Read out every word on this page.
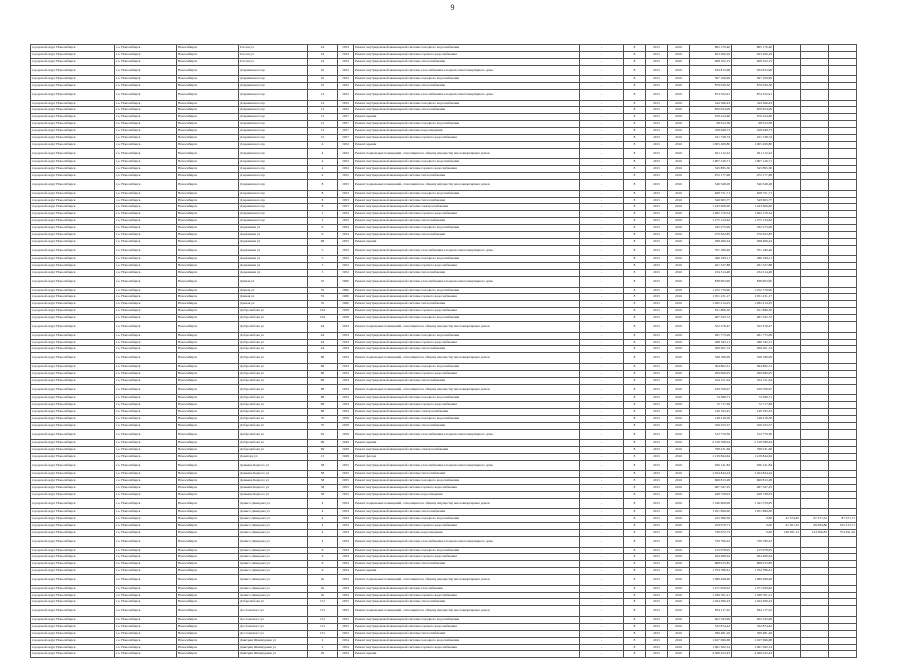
9
городской округ Новосибирск	г.о. Новосибирск	Новосибирск	Гоголя ул	24	1954	Ремонт внутридомовой инженерной системы холодного водоснабжения	-	8	2015	2016	895 170,40	895 170,40			
городской округ Новосибирск	г.о. Новосибирск	Новосибирск	Гоголя ул	24	1954	Ремонт внутридомовой инженерной системы горячего водоснабжения	-	8	2015	2016	623 260,29	623 260,29			
городской округ Новосибирск	г.о. Новосибирск	Новосибирск	Гоголя ул	24	1954	Ремонт внутридомовой инженерной системы теплоснабжения	-	8	2015	2016	408 102,15	408 102,15			
городской округ Новосибирск	г.о. Новосибирск	Новосибирск	Дзержинского пр	10	1952	Ремонт внутридомовой инженерной системы газоснабжения и подвала многоквартирного дома	-	8	2015	2016	934 815,98	934 815,98			
городской округ Новосибирск	г.о. Новосибирск	Новосибирск	Дзержинского пр	10	1952	Ремонт внутридомовой инженерной системы холодного водоснабжения	-	8	2015	2016	567 109,99	567 109,99			
городской округ Новосибирск	г.о. Новосибирск	Новосибирск	Дзержинского пр	10	1952	Ремонт внутридомовой инженерной системы теплоснабжения	-	8	2015	2016	879 036,30	879 036,30			
городской округ Новосибирск	г.о. Новосибирск	Новосибирск	Дзержинского пр	12	1952	Ремонт внутридомовой инженерной системы газоснабжения и подвала многоквартирного дома	-	8	2015	2016	874 552,91	874 552,91			
городской округ Новосибирск	г.о. Новосибирск	Новосибирск	Дзержинского пр	12	1952	Ремонт внутридомовой инженерной системы холодного водоснабжения	-	8	2015	2016	544 566,43	544 566,43			
городской округ Новосибирск	г.о. Новосибирск	Новосибирск	Дзержинского пр	12	1952	Ремонт внутридомовой инженерной системы теплоснабжения	-	8	2015	2016	850 954,09	850 954,09			
городской округ Новосибирск	г.о. Новосибирск	Новосибирск	Дзержинского пр	15	1957	Ремонт крыши	-	8	2015	2016	679 224,60	679 224,60			
городской округ Новосибирск	г.о. Новосибирск	Новосибирск	Дзержинского пр	15	1957	Ремонт внутридомовой инженерной системы холодного водоснабжения	-	8	2015	2016	98 612,58	98 612,58			
городской округ Новосибирск	г.о. Новосибирск	Новосибирск	Дзержинского пр	15	1957	Ремонт внутридомовой инженерной системы водоотведения	-	8	2015	2016	168 648,73	168 648,73			
городской округ Новосибирск	г.о. Новосибирск	Новосибирск	Дзержинского пр	15	1957	Ремонт внутридомовой инженерной системы горячего водоснабжения	-	8	2015	2016	161 728,74	161 728,74			
городской округ Новосибирск	г.о. Новосибирск	Новосибирск	Дзержинского пр	4	1952	Ремонт крыши	-	8	2015	2016	1 005 269,80	1 005 269,80			
городской округ Новосибирск	г.о. Новосибирск	Новосибирск	Дзержинского пр	4	1952	Ремонт подвальных помещений, относящихся к общему имуществу многоквартирных домов	-	8	2015	2016	921 112,22	921 112,22			
городской округ Новосибирск	г.о. Новосибирск	Новосибирск	Дзержинского пр	4	1952	Ремонт внутридомовой инженерной системы холодного водоснабжения	-	8	2015	2016	1 007 126,71	1 007 126,71			
городской округ Новосибирск	г.о. Новосибирск	Новосибирск	Дзержинского пр	4	1952	Ремонт внутридомовой инженерной системы горячего водоснабжения	-	8	2015	2016	545 895,30	545 895,30			
городской округ Новосибирск	г.о. Новосибирск	Новосибирск	Дзержинского пр	4	1952	Ремонт внутридомовой инженерной системы теплоснабжения	-	8	2015	2016	972 177,98	972 177,98			
городской округ Новосибирск	г.о. Новосибирск	Новосибирск	Дзержинского пр	8	1953	Ремонт подвальных помещений, относящихся к общему имуществу многоквартирных домов	-	8	2015	2016	546 548,28	546 548,28			
городской округ Новосибирск	г.о. Новосибирск	Новосибирск	Дзержинского пр	8	1953	Ремонт внутридомовой инженерной системы холодного водоснабжения	-	8	2015	2016	408 751,71	408 751,71			
городской округ Новосибирск	г.о. Новосибирск	Новосибирск	Дзержинского пр	8	1953	Ремонт внутридомовой инженерной системы теплоснабжения	-	8	2015	2016	549 663,77	549 663,77			
городской округ Новосибирск	г.о. Новосибирск	Новосибирск	Дзержинского пр	8	1953	Ремонт внутридомовой инженерной системы электроснабжения	-	8	2015	2016	1 243 606,00	1 243 606,00			
городской округ Новосибирск	г.о. Новосибирск	Новосибирск	Дзержинского пр	1	1954	Ремонт внутридомовой инженерной системы горячего водоснабжения	-	8	2015	2016	1 062 176,54	1 062 176,54			
городской округ Новосибирск	г.о. Новосибирск	Новосибирск	Дзержинского пр	2	1952	Ремонт внутридомовой инженерной системы теплоснабжения	-	8	2015	2016	1 275 134,62	1 275 134,62			
городской округ Новосибирск	г.о. Новосибирск	Новосибирск	Державина ул	9	1954	Ремонт внутридомовой инженерной системы холодного водоснабжения	-	8	2015	2016	182 275,09	182 275,09			
городской округ Новосибирск	г.о. Новосибирск	Новосибирск	Державина ул	9	1954	Ремонт внутридомовой инженерной системы теплоснабжения	-	8	2015	2016	270 622,85	270 622,85			
городской округ Новосибирск	г.о. Новосибирск	Новосибирск	Державина ул	98	1955	Ремонт крыши	-	8	2015	2016	298 466,24	298 466,24			
городской округ Новосибирск	г.о. Новосибирск	Новосибирск	Державина ул	5	1952	Ремонт внутридомовой инженерной системы газоснабжения и подвала многоквартирного дома	-	8	2015	2016	701 180,46	701 180,46			
городской округ Новосибирск	г.о. Новосибирск	Новосибирск	Державина ул	5	1952	Ремонт внутридомовой инженерной системы холодного водоснабжения	-	8	2015	2016	266 199,11	266 199,11			
городской округ Новосибирск	г.о. Новосибирск	Новосибирск	Державина ул	5	1952	Ремонт внутридомовой инженерной системы горячего водоснабжения	-	8	2015	2016	261 327,88	261 327,88			
городской округ Новосибирск	г.о. Новосибирск	Новосибирск	Державина ул	5	1952	Ремонт внутридомовой инженерной системы теплоснабжения	-	8	2015	2016	234 314,48	234 314,48			
городской округ Новосибирск	г.о. Новосибирск	Новосибирск	Дачная ул	35	1960	Ремонт внутридомовой инженерной системы газоснабжения и подвала многоквартирного дома	-	8	2015	2016	838 903,90	838 903,90			
городской округ Новосибирск	г.о. Новосибирск	Новосибирск	Дачная ул	35	1960	Ремонт внутридомовой инженерной системы холодного водоснабжения	-	8	2015	2016	1 252 779,90	1 252 779,90			
городской округ Новосибирск	г.о. Новосибирск	Новосибирск	Дачная ул	35	1960	Ремонт внутридомовой инженерной системы горячего водоснабжения	-	8	2015	2016	1 051 231,17	1 051 231,17			
городской округ Новосибирск	г.о. Новосибирск	Новосибирск	Дачная ул	35	1960	Ремонт внутридомовой инженерной системы теплоснабжения	-	8	2015	2016	1 282 214,25	1 282 214,25			
городской округ Новосибирск	г.о. Новосибирск	Новосибирск	Добролюбова ул	104	1958	Ремонт внутридомовой инженерной системы горячего водоснабжения	-	8	2015	2016	811 896,30	811 896,30			
городской округ Новосибирск	г.о. Новосибирск	Новосибирск	Добролюбова ул	104	1958	Ремонт внутридомовой инженерной системы холодного водоснабжения	-	8	2015	2016	487 345,72	487 345,72			
городской округ Новосибирск	г.о. Новосибирск	Новосибирск	Добролюбова ул	44	1954	Ремонт подвальных помещений, относящихся к общему имуществу многоквартирных домов	-	8	2015	2016	522 276,47	522 276,47			
городской округ Новосибирск	г.о. Новосибирск	Новосибирск	Добролюбова ул	44	1954	Ремонт внутридомовой инженерной системы холодного водоснабжения	-	8	2015	2016	281 775,09	281 775,09			
городской округ Новосибирск	г.о. Новосибирск	Новосибирск	Добролюбова ул	44	1954	Ремонт внутридомовой инженерной системы горячего водоснабжения	-	8	2015	2016	268 545,11	268 545,11			
городской округ Новосибирск	г.о. Новосибирск	Новосибирск	Добролюбова ул	44	1954	Ремонт внутридомовой инженерной системы теплоснабжения	-	8	2015	2016	306 201,74	306 201,74			
городской округ Новосибирск	г.о. Новосибирск	Новосибирск	Добролюбова ул	86	1954	Ремонт подвальных помещений, относящихся к общему имуществу многоквартирных домов	-	8	2015	2016	528 186,09	528 186,09			
городской округ Новосибирск	г.о. Новосибирск	Новосибирск	Добролюбова ул	86	1954	Ремонт внутридомовой инженерной системы холодного водоснабжения	-	8	2015	2016	364 862,51	364 862,51			
городской округ Новосибирск	г.о. Новосибирск	Новосибирск	Добролюбова ул	86	1954	Ремонт внутридомовой инженерной системы горячего водоснабжения	-	8	2015	2016	299 690,05	299 690,05			
городской округ Новосибирск	г.о. Новосибирск	Новосибирск	Добролюбова ул	86	1954	Ремонт внутридомовой инженерной системы теплоснабжения	-	8	2015	2016	324 151,04	324 151,04			
городской округ Новосибирск	г.о. Новосибирск	Новосибирск	Добролюбова ул	88	1954	Ремонт подвальных помещений, относящихся к общему имуществу многоквартирных домов	-	8	2015	2016	439 706,97	439 706,97			
городской округ Новосибирск	г.о. Новосибирск	Новосибирск	Добролюбова ул	88	1954	Ремонт внутридомовой инженерной системы холодного водоснабжения	-	8	2015	2016	74 586,71	74 586,71			
городской округ Новосибирск	г.о. Новосибирск	Новосибирск	Добролюбова ул	88	1954	Ремонт внутридомовой инженерной системы горячего водоснабжения	-	8	2015	2016	72 717,69	72 717,69			
городской округ Новосибирск	г.о. Новосибирск	Новосибирск	Добролюбова ул	88	1954	Ремонт внутридомовой инженерной системы электроснабжения	-	8	2015	2016	149 195,43	149 195,43			
городской округ Новосибирск	г.о. Новосибирск	Новосибирск	Добролюбова ул	70	1959	Ремонт внутридомовой инженерной системы холодного водоснабжения	-	8	2015	2016	148 416,56	148 416,56			
городской округ Новосибирск	г.о. Новосибирск	Новосибирск	Добролюбова ул	70	1959	Ремонт внутридомовой инженерной системы теплоснабжения	-	8	2015	2016	326 255,57	326 255,57			
городской округ Новосибирск	г.о. Новосибирск	Новосибирск	Добролюбова ул	92	1959	Ремонт внутридомовой инженерной системы газоснабжения и подвала многоквартирного дома	-	8	2015	2016	512 779,36	512 779,36			
городской округ Новосибирск	г.о. Новосибирск	Новосибирск	Добролюбова ул	99	1949	Ремонт крыши	-	8	2015	2016	2 319 598,04	2 319 598,04			
городской округ Новосибирск	г.о. Новосибирск	Новосибирск	Добролюбова ул	99	1949	Ремонт внутридомовой инженерной системы электроснабжения	-	8	2015	2016	798 231,69	798 231,69			
городской округ Новосибирск	г.о. Новосибирск	Новосибирск	Доватора ул	13	1949	Ремонт фасада	-	8	2015	2016	1 219 844,64	1 219 844,64			
городской округ Новосибирск	г.о. Новосибирск	Новосибирск	Демьяна Бедного ул	58	1955	Ремонт внутридомовой инженерной системы газоснабжения и подвала многоквартирного дома	-	8	2015	2016	936 141,84	936 141,84			
городской округ Новосибирск	г.о. Новосибирск	Новосибирск	Демьяна Бедного ул	58	1955	Ремонт внутридомовой инженерной системы теплоснабжения	-	8	2015	2016	1 024 844,24	1 024 844,24			
городской округ Новосибирск	г.о. Новосибирск	Новосибирск	Демьяна Бедного ул	58	1955	Ремонт внутридомовой инженерной системы холодного водоснабжения	-	8	2015	2016	669 813,28	669 813,28			
городской округ Новосибирск	г.о. Новосибирск	Новосибирск	Демьяна Бедного ул	58	1955	Ремонт внутридомовой инженерной системы горячего водоснабжения	-	8	2015	2016	487 547,25	487 547,25			
городской округ Новосибирск	г.о. Новосибирск	Новосибирск	Демьяна Бедного ул	58	1955	Ремонт внутридомовой инженерной системы водоотведения	-	8	2015	2016	448 728,03	448 728,03			
городской округ Новосибирск	г.о. Новосибирск	Новосибирск	Дениса Давыдова ул	4	1954	Ремонт подвальных помещений, относящихся к общему имуществу многоквартирных домов	-	8	2015	2016	1 340 609,00	1 341 579,95			
городской округ Новосибирск	г.о. Новосибирск	Новосибирск	Дениса Давыдова ул	4	1954	Ремонт внутридомовой инженерной системы теплоснабжения	-	8	2015	2016	1 951 899,00	1 951 899,00			
городской округ Новосибирск	г.о. Новосибирск	Новосибирск	Дениса Давыдова ул	4	1954	Ремонт внутридомовой инженерной системы холодного водоснабжения	-	8	2015	2016	225 586,39	0,00	41 374,65	67 271,52	87 271,71
городской округ Новосибирск	г.о. Новосибирск	Новосибирск	Дениса Давыдова ул	4	1954	Ремонт внутридомовой инженерной системы горячего водоснабжения	-	8	2015	2016	259 079,71	0,00	41 301,33	69 084,86	105 213,71
городской округ Новосибирск	г.о. Новосибирск	Новосибирск	Дениса Давыдова ул	4	1954	Ремонт внутридомовой инженерной системы водоотведения	-	8	2015	2016	736 672,73	0,00	148 361,13	214 506,83	374 291,29
городской округ Новосибирск	г.о. Новосибирск	Новосибирск	Дениса Давыдова ул	4	1954	Ремонт внутридомовой инженерной системы газоснабжения и подвала многоквартирного дома	-	8	2015	2016	729 790,22	729 790,22			
городской округ Новосибирск	г.о. Новосибирск	Новосибирск	Дениса Давыдова ул	6	1954	Ремонт внутридомовой инженерной системы холодного водоснабжения	-	8	2015	2016	215 978,05	215 978,05			
городской округ Новосибирск	г.о. Новосибирск	Новосибирск	Дениса Давыдова ул	6	1954	Ремонт внутридомовой инженерной системы горячего водоснабжения	-	8	2015	2016	294 489,04	294 489,04			
городской округ Новосибирск	г.о. Новосибирск	Новосибирск	Дениса Давыдова ул	6	1954	Ремонт внутридомовой инженерной системы теплоснабжения	-	8	2015	2016	868 915,85	868 915,85			
городской округ Новосибирск	г.о. Новосибирск	Новосибирск	Дениса Давыдова ул	6	1954	Ремонт крыши	-	8	2015	2016	1 704 786,61	1 704 786,61			
городской округ Новосибирск	г.о. Новосибирск	Новосибирск	Дениса Давыдова ул	9а	1954	Ремонт подвальных помещений, относящихся к общему имуществу многоквартирных домов	-	8	2015	2016	1 089 498,48	1 089 498,48			
городской округ Новосибирск	г.о. Новосибирск	Новосибирск	Дениса Давыдова ул	9а	1954	Ремонт внутридомовой инженерной системы газоснабжения	-	8	2015	2016	1 271 659,02	1 271 659,02			
городской округ Новосибирск	г.о. Новосибирск	Новосибирск	Дениса Давыдова ул	9а	1954	Ремонт внутридомовой инженерной системы горячего водоснабжения	-	8	2015	2016	1 189 761,21	1 189 761,21			
городской округ Новосибирск	г.о. Новосибирск	Новосибирск	Добролюбова ул	131	1955	Ремонт внутридомовой инженерной системы теплоснабжения	-	8	2015	2016	1 024 590,23	1 024 590,23			
городской округ Новосибирск	г.о. Новосибирск	Новосибирск	Достоевского ул	131	1955	Ремонт подвальных помещений, относящихся к общему имуществу многоквартирных домов	-	8	2015	2016	834 117,22	834 117,22			
городской округ Новосибирск	г.о. Новосибирск	Новосибирск	Достоевского ул	131	1955	Ремонт внутридомовой инженерной системы холодного водоснабжения	-	8	2015	2016	402 545,99	402 545,99			
городской округ Новосибирск	г.о. Новосибирск	Новосибирск	Достоевского ул	131	1955	Ремонт внутридомовой инженерной системы горячего водоснабжения	-	8	2015	2016	532 874,42	532 874,42			
городской округ Новосибирск	г.о. Новосибирск	Новосибирск	Достоевского ул	131	1955	Ремонт внутридомовой инженерной системы теплоснабжения	-	8	2015	2016	599 481,26	599 481,26			
городской округ Новосибирск	г.о. Новосибирск	Новосибирск	Дмитрия Шамшурина ул	2	1954	Ремонт внутридомовой инженерной системы холодного водоснабжения	-	8	2015	2016	1 027 696,68	1 027 696,68			
городской округ Новосибирск	г.о. Новосибирск	Новосибирск	Дмитрия Шамшурина ул	2	1954	Ремонт внутридомовой инженерной системы горячего водоснабжения	-	8	2015	2016	1 061 562,14	1 061 562,14			
городской округ Новосибирск	г.о. Новосибирск	Новосибирск	Дмитрия Шамшурина ул	29	1954	Ремонт крыши	-	8	2015	2016	4 369 222,43	4 369 222,43			
